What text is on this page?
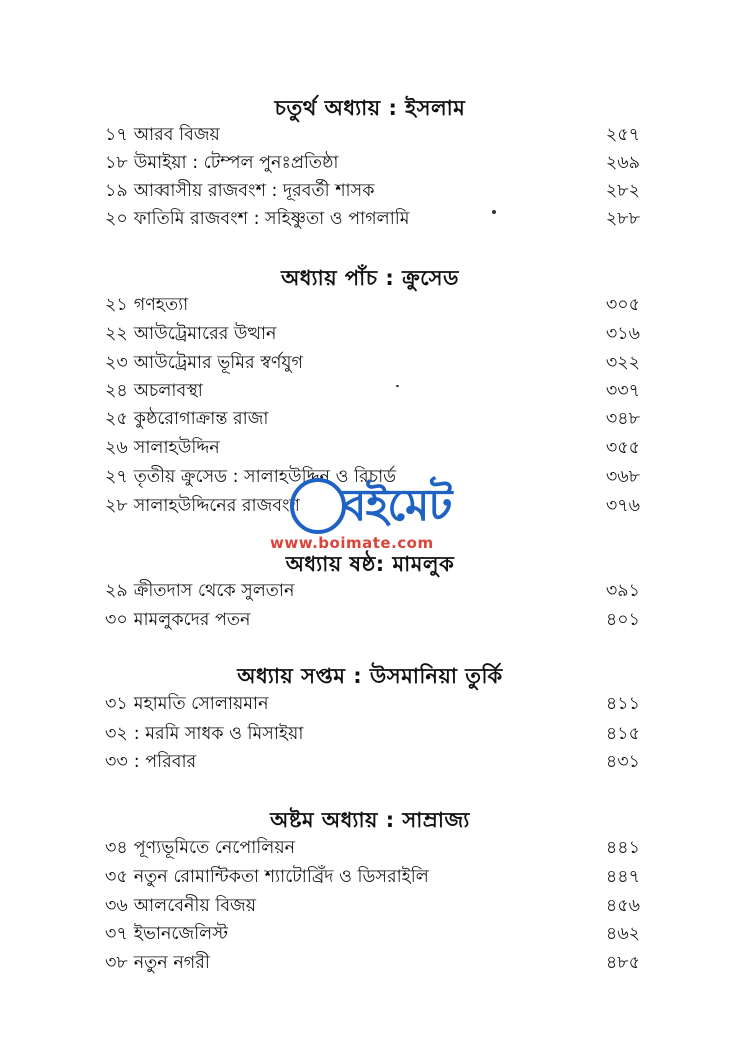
চতুর্থ অধ্যায় : ইসলাম
১৭ আরব বিজয়	২৫৭
১৮ উমাইয়া : টেম্পল পুনঃপ্রতিষ্ঠা	২৬৯
১৯ আব্বাসীয় রাজবংশ : দূরবর্তী শাসক	২৮২
২০ ফাতিমি রাজবংশ : সহিষ্ণুতা ও পাগলামি	২৮৮
অধ্যায় পাঁচ : ক্রুসেড
২১ গণহত্যা	৩০৫
২২ আউট্রেমারের উত্থান	৩১৬
২৩ আউট্রেমার ভূমির স্বর্ণযুগ	৩২২
২৪ অচলাবস্থা	৩৩৭
২৫ কুষ্ঠরোগাক্রান্ত রাজা	৩৪৮
২৬ সালাহউদ্দিন	৩৫৫
২৭ তৃতীয় ক্রুসেড : সালাহউদ্দিন ও রিচার্ড	৩৬৮
২৮ সালাহউদ্দিনের রাজবংশ	৩৭৬
অধ্যায় ষষ্ঠ: মামলুক
২৯ ক্রীতদাস থেকে সুলতান	৩৯১
৩০ মামলুকদের পতন	৪০১
অধ্যায় সপ্তম : উসমানিয়া তুর্কি
৩১ মহামতি সোলায়মান	৪১১
৩২ : মরমি সাধক ও মিসাইয়া	৪১৫
৩৩ : পরিবার	৪৩১
অষ্টম অধ্যায় : সাম্রাজ্য
৩৪ পূণ্যভূমিতে নেপোলিয়ন	৪৪১
৩৫ নতুন রোমান্টিকতা শ্যাটোব্রিঁদ ও ডিসরাইলি	৪৪৭
৩৬ আলবেনীয় বিজয়	৪৫৬
৩৭ ইভানজেলিস্ট	৪৬২
৩৮ নতুন নগরী	৪৮৫
বইমেট
www.boimate.com
